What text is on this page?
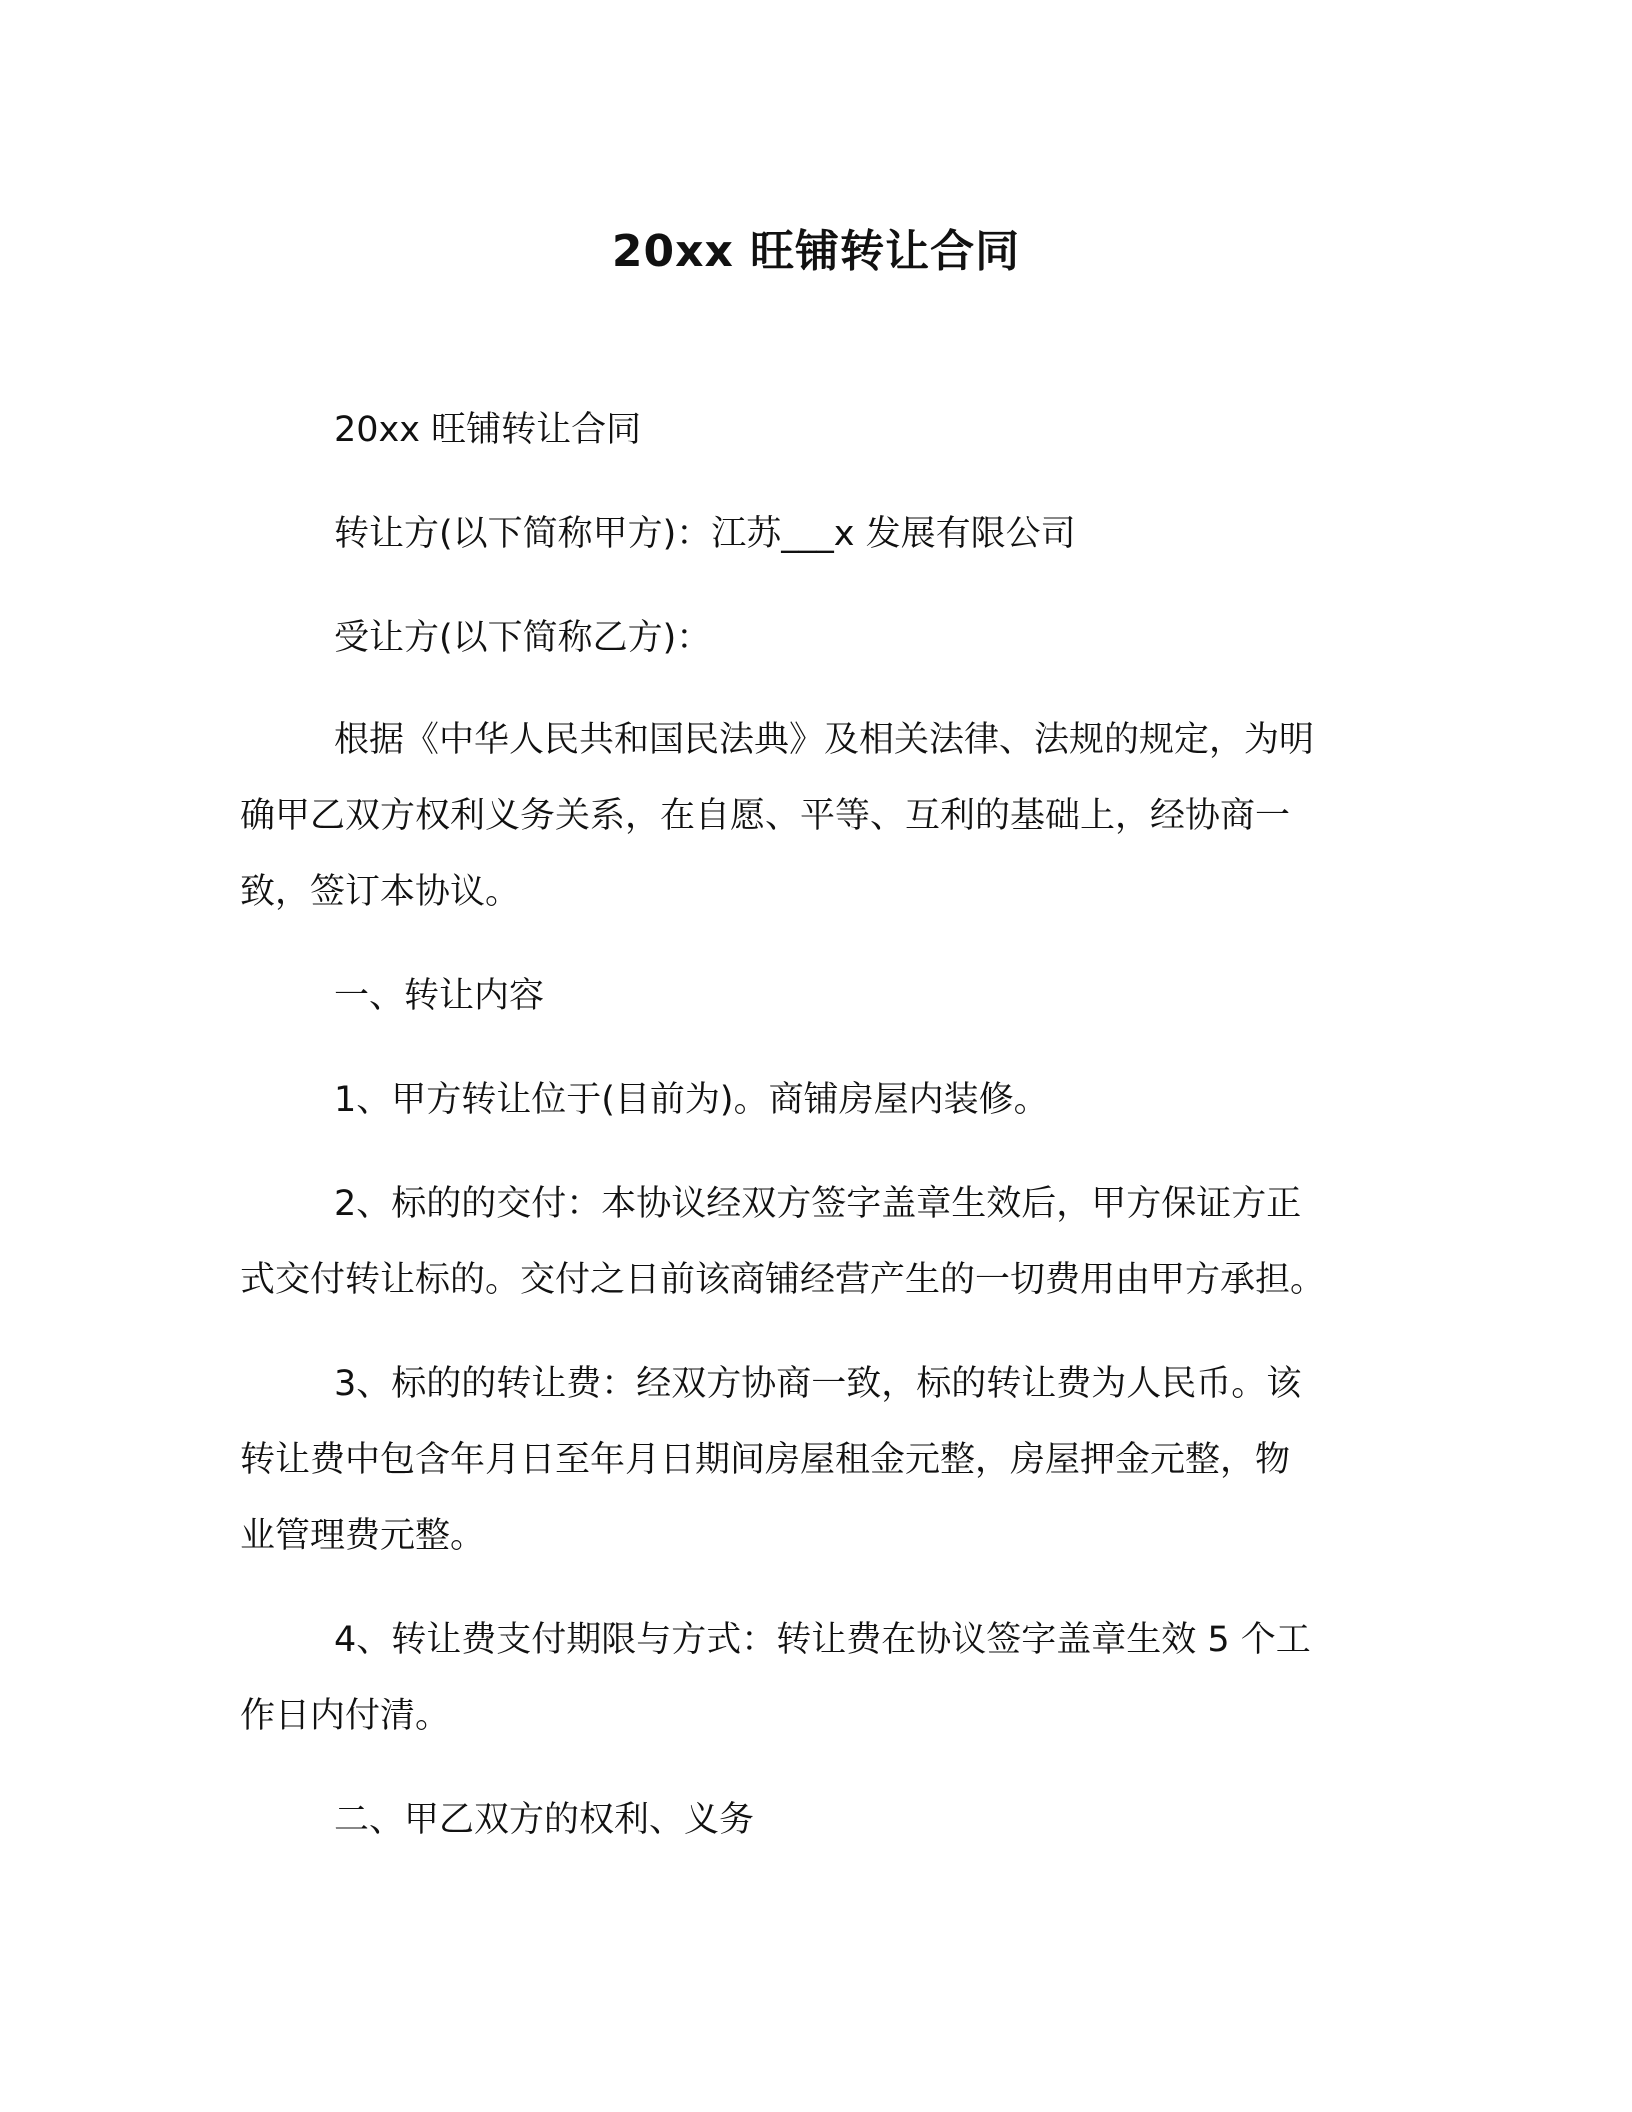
20xx 旺铺转让合同
20xx 旺铺转让合同
转让方(以下简称甲方)：江苏___x 发展有限公司
受让方(以下简称乙方)：
根据《中华人民共和国民法典》及相关法律、法规的规定，为明
确甲乙双方权利义务关系，在自愿、平等、互利的基础上，经协商一
致，签订本协议。
一、转让内容
1、甲方转让位于(目前为)。商铺房屋内装修。
2、标的的交付：本协议经双方签字盖章生效后，甲方保证方正
式交付转让标的。交付之日前该商铺经营产生的一切费用由甲方承担。
3、标的的转让费：经双方协商一致，标的转让费为人民币。该
转让费中包含年月日至年月日期间房屋租金元整，房屋押金元整，物
业管理费元整。
4、转让费支付期限与方式：转让费在协议签字盖章生效 5 个工
作日内付清。
二、甲乙双方的权利、义务
